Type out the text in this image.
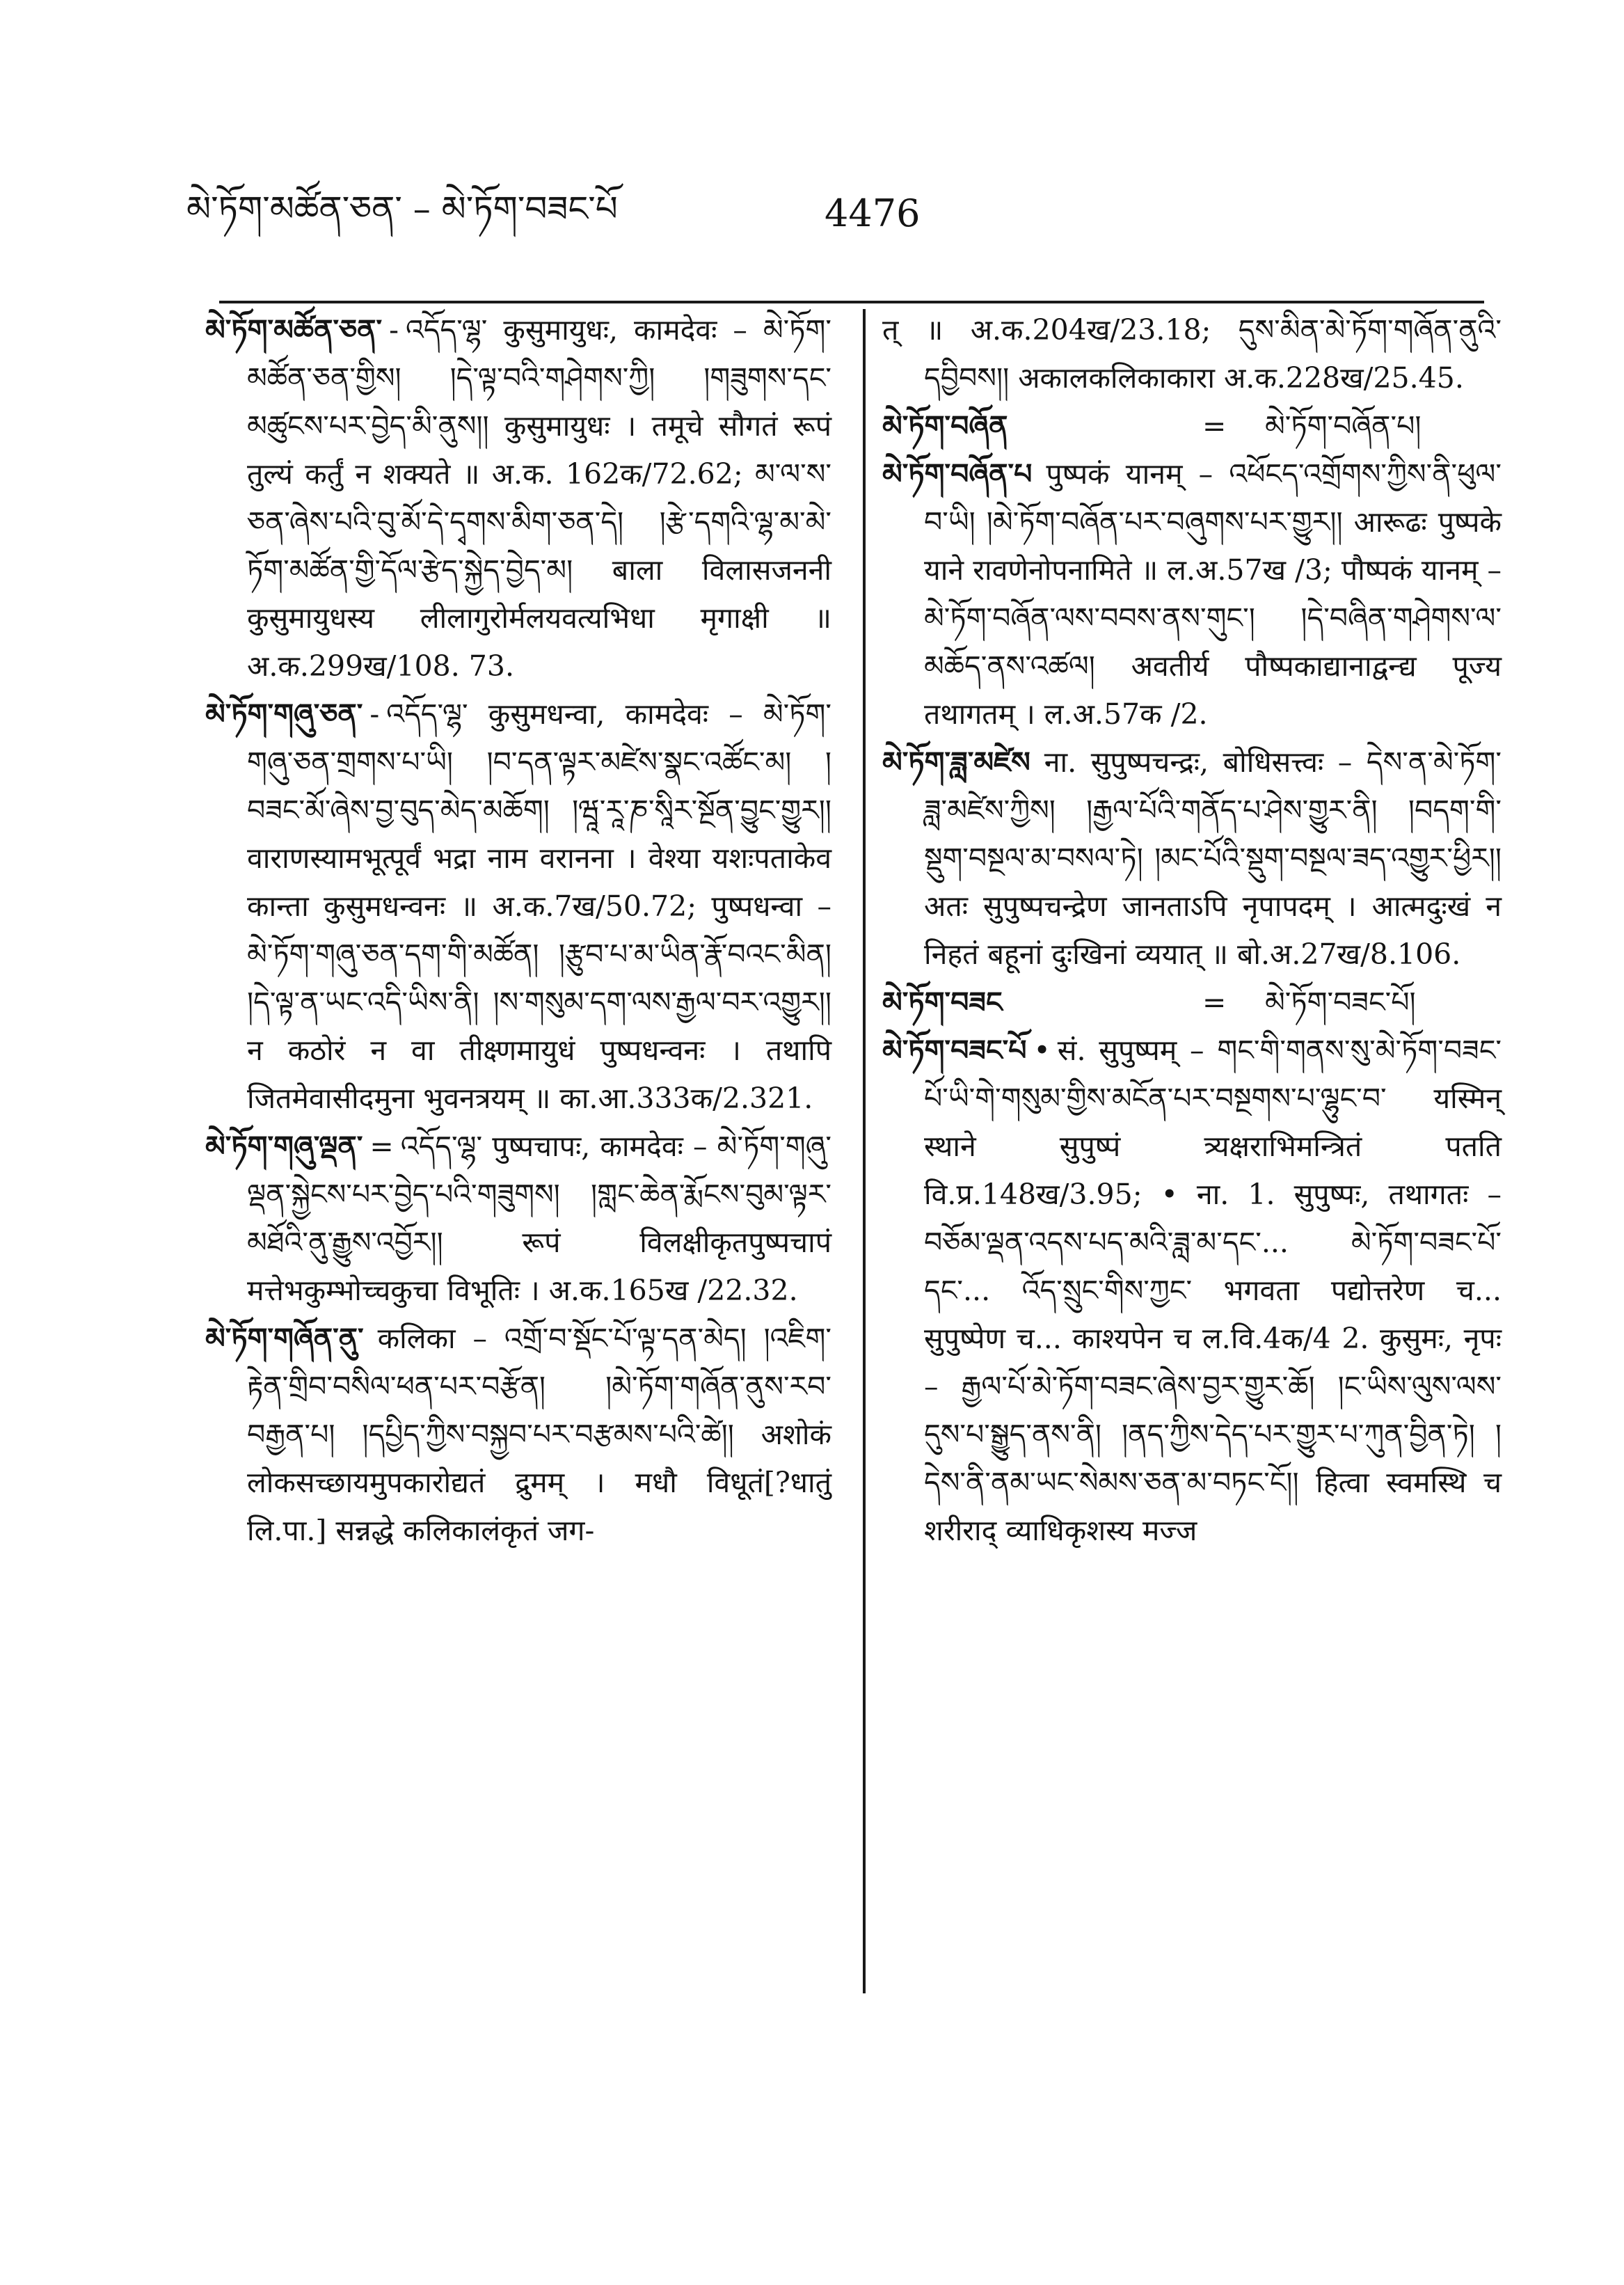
མེ་ཏོག་མཚོན་ཅན་ – མེ་ཏོག་བཟང་པོ	4476

མེ་ཏོག་མཚོན་ཅན་ - འདོད་ལྷ་ कुसुमायुधः, कामदेवः – མེ་ཏོག་མཚོན་ཅན་གྱིས། །དེ་ལྟ་བའི་གཤེགས་ཀྱི། །གཟུགས་དང་མཚུངས་པར་བྱེད་མི་ནུས།། कुसुमायुधः । तमूचे सौगतं रूपं तुल्यं कर्तुं न शक्यते ॥ अ.क. 162क/72.62; མ་ལ་ས་ཅན་ཞེས་པའི་བུ་མོ་དེ་དྭགས་མིག་ཅན་དེ། །རྩེ་དགའི་ལྷ་མ་མེ་ཏོག་མཚོན་གྱི་དོལ་རྩེད་སྐྱེད་བྱེད་མ། बाला विलासजननी कुसुमायुधस्य लीलागुरोर्मलयवत्यभिधा मृगाक्षी ॥ अ.क.299ख/108. 73.

མེ་ཏོག་གཞུ་ཅན་ - འདོད་ལྷ་ कुसुमधन्वा, कामदेवः – མེ་ཏོག་གཞུ་ཅན་གྲགས་པ་ཡི། །བ་དན་ལྟར་མཛེས་སྣང་འཚོང་མ། །བཟང་མོ་ཞེས་བྱ་བུད་མེད་མཆོག། །ཝཱ་རཱ་ཎ་སཱིར་སྔོན་བྱུང་གྱུར།། वाराणस्यामभूत्पूर्वं भद्रा नाम वरानना । वेश्या यशःपताकेव कान्ता कुसुमधन्वनः ॥ अ.क.7ख/50.72; पुष्पधन्वा – མེ་ཏོག་གཞུ་ཅན་དག་གི་མཚོན། །རྩུབ་པ་མ་ཡིན་རྣོ་བའང་མིན། །དེ་ལྟ་ན་ཡང་འདི་ཡིས་ནི། །ས་གསུམ་དག་ལས་རྒྱལ་བར་འགྱུར།། न कठोरं न वा तीक्ष्णमायुधं पुष्पधन्वनः । तथापि जितमेवासीदमुना भुवनत्रयम् ॥ का.आ.333क/2.321.

མེ་ཏོག་གཞུ་ལྡན་ = འདོད་ལྷ་ पुष्पचापः, कामदेवः – མེ་ཏོག་གཞུ་ལྡན་སྐྱེངས་པར་བྱེད་པའི་གཟུགས། །གླང་ཆེན་རྨོངས་བུམ་ལྟར་མཐོའི་ནུ་རྒྱུས་འབྱོར།། रूपं विलक्षीकृतपुष्पचापं मत्तेभकुम्भोच्चकुचा विभूतिः । अ.क.165ख /22.32.

མེ་ཏོག་གཞོན་ནུ་ कलिका – འགྲོ་བ་སྡོང་པོ་ལྟ་དན་མེད། །འཇིག་རྟེན་གྲིབ་བསིལ་ཕན་པར་བརྩོན། །མེ་ཏོག་གཞོན་ནུས་རབ་བརྒྱན་པ། །དཔྱིད་ཀྱིས་བསྐྱབ་པར་བརྩམས་པའི་ཚེ།། अशोकं लोकसच्छायमुपकारोद्यतं द्रुमम् । मधौ विधूतं[?धातुं लि.पा.] सन्नद्धे कलिकालंकृतं जग-

त् ॥ अ.क.204ख/23.18; དུས་མིན་མེ་ཏོག་གཞོན་ནུའི་དབྱིབས།། अकालकलिकाकारा अ.क.228ख/25.45.

མེ་ཏོག་བཞོན	=	མེ་ཏོག་བཞོན་པ།

མེ་ཏོག་བཞོན་པ पुष्पकं यानम् – འཕོངད་འགྲོགས་ཀྱིས་ནི་ཕུལ་བ་ཡི། །མེ་ཏོག་བཞོན་པར་བཞུགས་པར་གྱུར།། आरूढः पुष्पके याने रावणेनोपनामिते ॥ ल.अ.57ख /3; पौष्पकं यानम् – མེ་ཏོག་བཞོན་ལས་བབས་ནས་གུང་། །དེ་བཞིན་གཤེགས་ལ་མཆོད་ནས་འཚལ། अवतीर्य पौष्पकाद्यानाद्वन्द्य पूज्य तथागतम् । ल.अ.57क /2.

མེ་ཏོག་ཟླ་མཛེས ना. सुपुष्पचन्द्रः, बोधिसत्त्वः – དེས་ན་མེ་ཏོག་ཟླ་མཛེས་ཀྱིས། །རྒྱལ་པོའི་གནོད་པ་ཤེས་གྱུར་ནི། །བདག་གི་སྡུག་བསྔལ་མ་བསལ་ཏེ། །མང་པོའི་སྡུག་བསྔལ་ཟད་འགྱུར་ཕྱིར།། अतः सुपुष्पचन्द्रेण जानताऽपि नृपापदम् । आत्मदुःखं न निहतं बहूनां दुःखिनां व्ययात् ॥ बो.अ.27ख/8.106.

མེ་ཏོག་བཟང	=	མེ་ཏོག་བཟང་པོ།

མེ་ཏོག་བཟང་པོ • सं. सुपुष्पम् – གང་གི་གནས་སུ་མེ་ཏོག་བཟང་པོ་ཡི་གེ་གསུམ་གྱིས་མངོན་པར་བསྔགས་པ་ལྷུང་བ་ यस्मिन् स्थाने सुपुष्पं त्र्यक्षराभिमन्त्रितं पतति वि.प्र.148ख/3.95; • ना. 1. सुपुष्पः, तथागतः – བཅོམ་ལྡན་འདས་པད་མའི་ཟླ་མ་དང་... མེ་ཏོག་བཟང་པོ་དང་... འོད་སྲུང་གིས་ཀྱང་ भगवता पद्योत्तरेण च... सुपुष्पेण च... काश्यपेन च ल.वि.4क/4 2. कुसुमः, नृपः – རྒྱལ་པོ་མེ་ཏོག་བཟང་ཞེས་བྱར་གྱུར་ཆོ། །ང་ཡིས་ལུས་ལས་དུས་པ་སྒྱུད་ནས་ནི། །ནད་ཀྱིས་དེད་པར་གྱུར་པ་ཀུན་བྱིན་ཏེ། །དེས་ནི་ནམ་ཡང་སེམས་ཅན་མ་བཏང་ངོ།། हित्वा स्वमस्थि च शरीराद् व्याधिकृशस्य मज्ज
